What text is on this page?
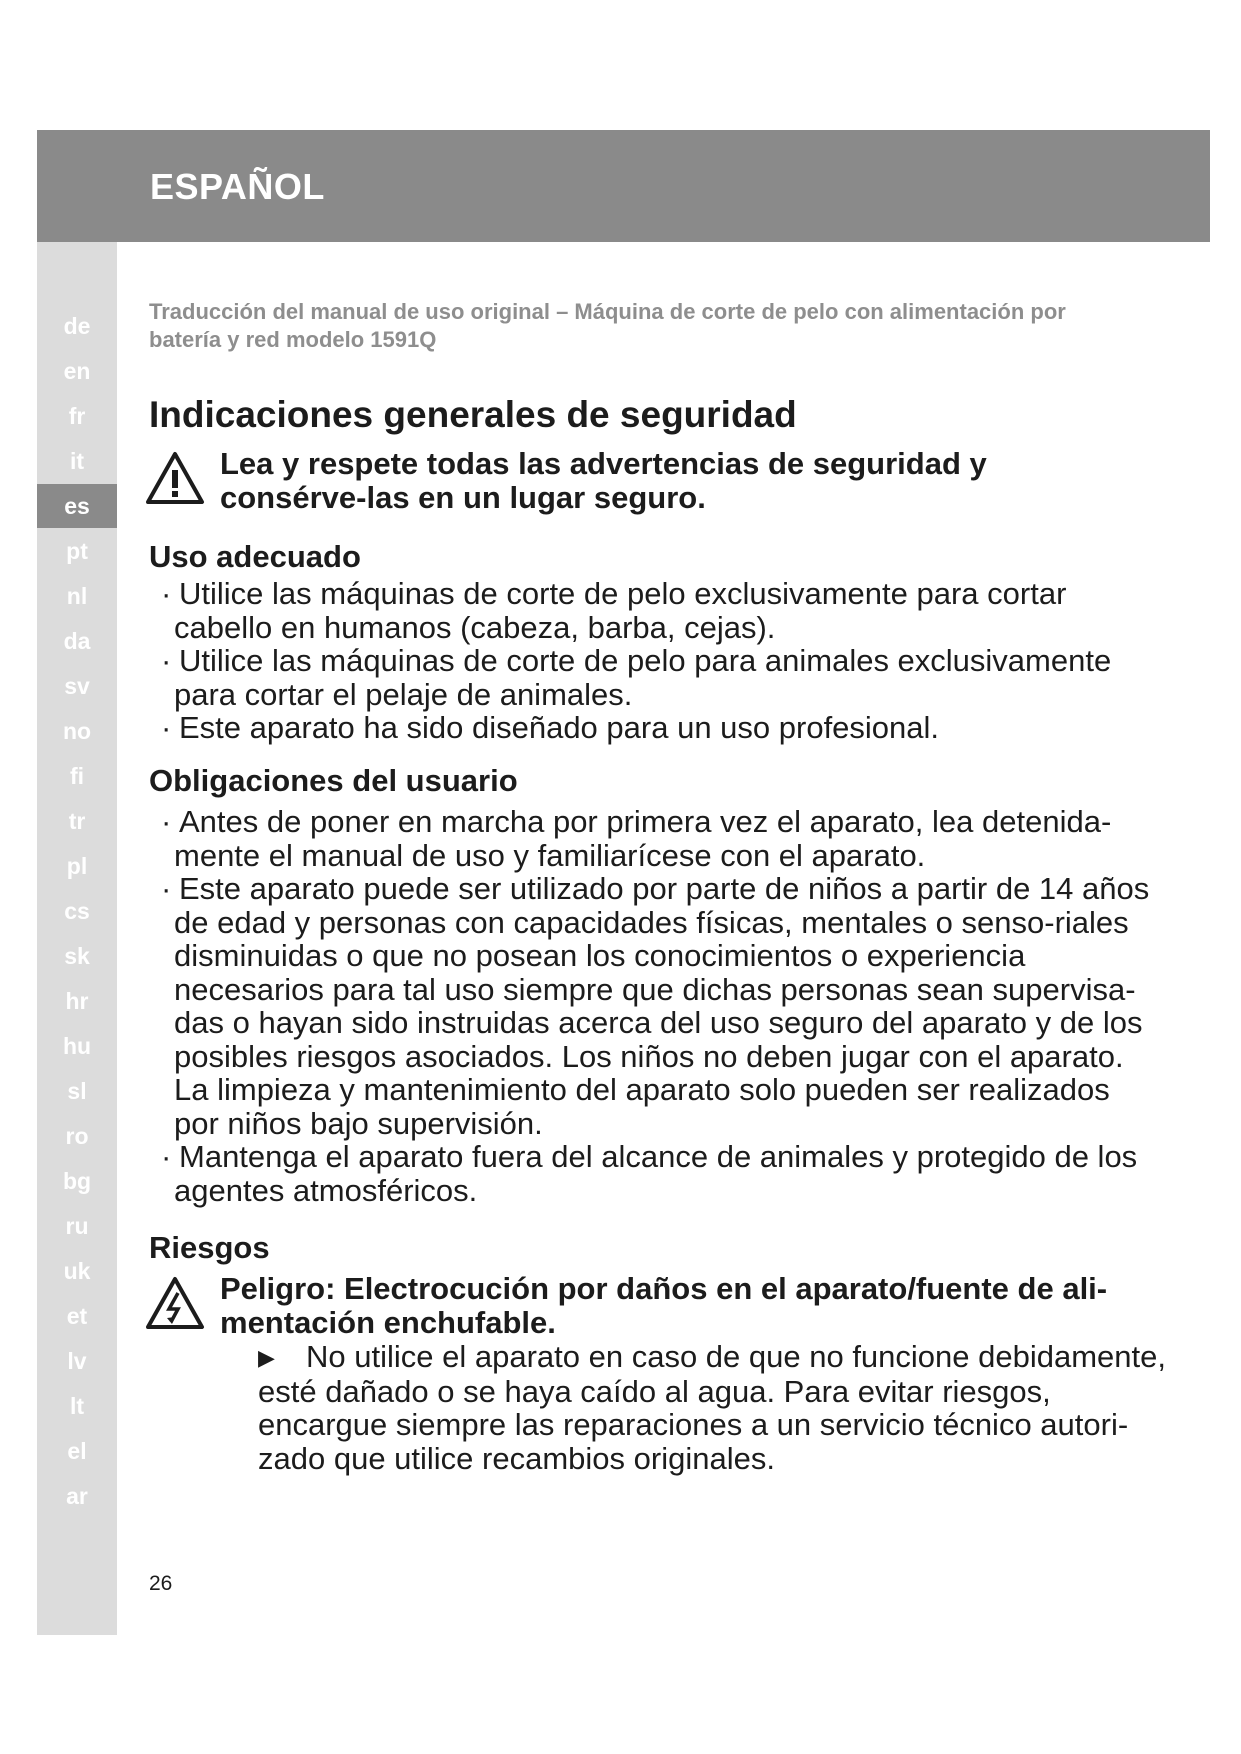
ESPAÑOL
de
en
fr
it
es
pt
nl
da
sv
no
fi
tr
pl
cs
sk
hr
hu
sl
ro
bg
ru
uk
et
lv
lt
el
ar
Traducción del manual de uso original – Máquina de corte de pelo con alimentación por batería y red modelo 1591Q
Indicaciones generales de seguridad
Lea y respete todas las advertencias de seguridad y consérve-las en un lugar seguro.
Uso adecuado
· Utilice las máquinas de corte de pelo exclusivamente para cortar cabello en humanos (cabeza, barba, cejas).
· Utilice las máquinas de corte de pelo para animales exclusivamente para cortar el pelaje de animales.
· Este aparato ha sido diseñado para un uso profesional.
Obligaciones del usuario
· Antes de poner en marcha por primera vez el aparato, lea detenida-mente el manual de uso y familiarícese con el aparato.
· Este aparato puede ser utilizado por parte de niños a partir de 14 años de edad y personas con capacidades físicas, mentales o senso-riales disminuidas o que no posean los conocimientos o experiencia necesarios para tal uso siempre que dichas personas sean supervisa-das o hayan sido instruidas acerca del uso seguro del aparato y de los posibles riesgos asociados. Los niños no deben jugar con el aparato. La limpieza y mantenimiento del aparato solo pueden ser realizados por niños bajo supervisión.
· Mantenga el aparato fuera del alcance de animales y protegido de los agentes atmosféricos.
Riesgos
Peligro: Electrocución por daños en el aparato/fuente de ali-mentación enchufable.
▶ No utilice el aparato en caso de que no funcione debidamente, esté dañado o se haya caído al agua. Para evitar riesgos, encargue siempre las reparaciones a un servicio técnico autori-zado que utilice recambios originales.
26
